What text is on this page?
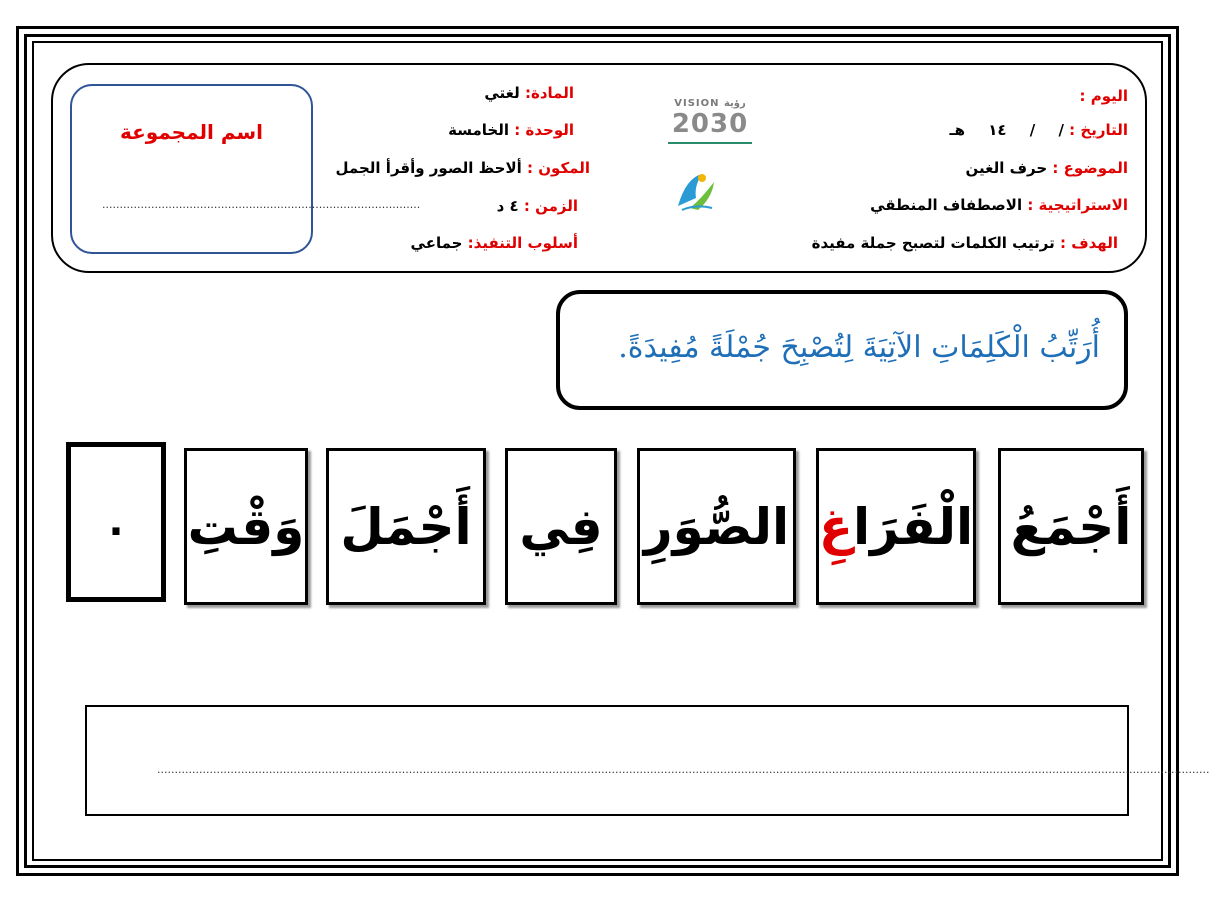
اليوم :
التاريخ : / / ١٤ هـ
الموضوع : حرف الغين
الاستراتيجية : الاصطفاف المنطقي
الهدف : ترتيب الكلمات لتصبح جملة مفيدة
المادة: لغتي
الوحدة : الخامسة
المكون : ألاحظ الصور وأقرأ الجمل
الزمن : ٤ د
أسلوب التنفيذ: جماعي
VISION رؤية
2030
اسم المجموعة
...........................................................................................
أُرَتِّبُ الْكَلِمَاتِ الآتِيَةَ لِتُصْبِحَ جُمْلَةً مُفِيدَةً.
أَجْمَعُ
الْفَرَا
غِ
الصُّوَرِ
فِي
أَجْمَلَ
وَقْتِ
.
.............................................................................................................................................................................................................................................................................................................
